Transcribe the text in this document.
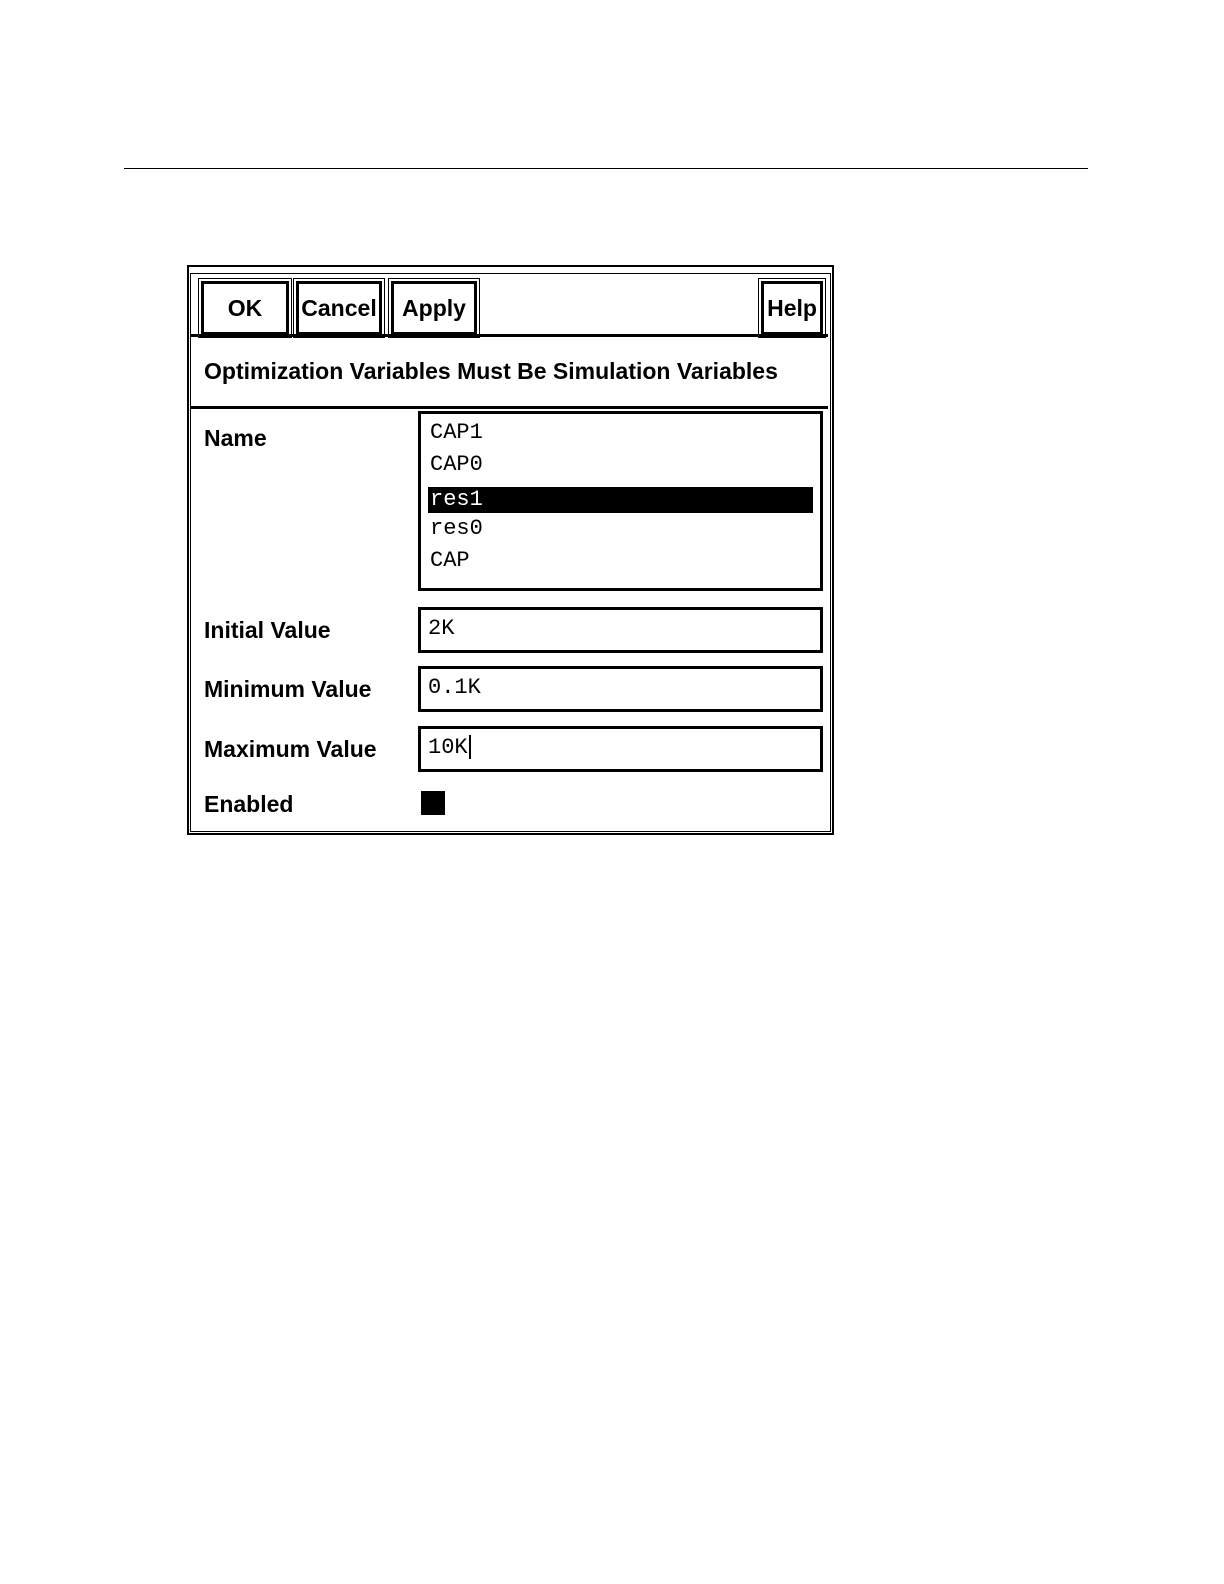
OK	Cancel	Apply	Help
Optimization Variables Must Be Simulation Variables
Name	CAP1
CAP0
res1
res0
CAP
Initial Value	2K
Minimum Value	0.1K
Maximum Value	10K
Enabled
